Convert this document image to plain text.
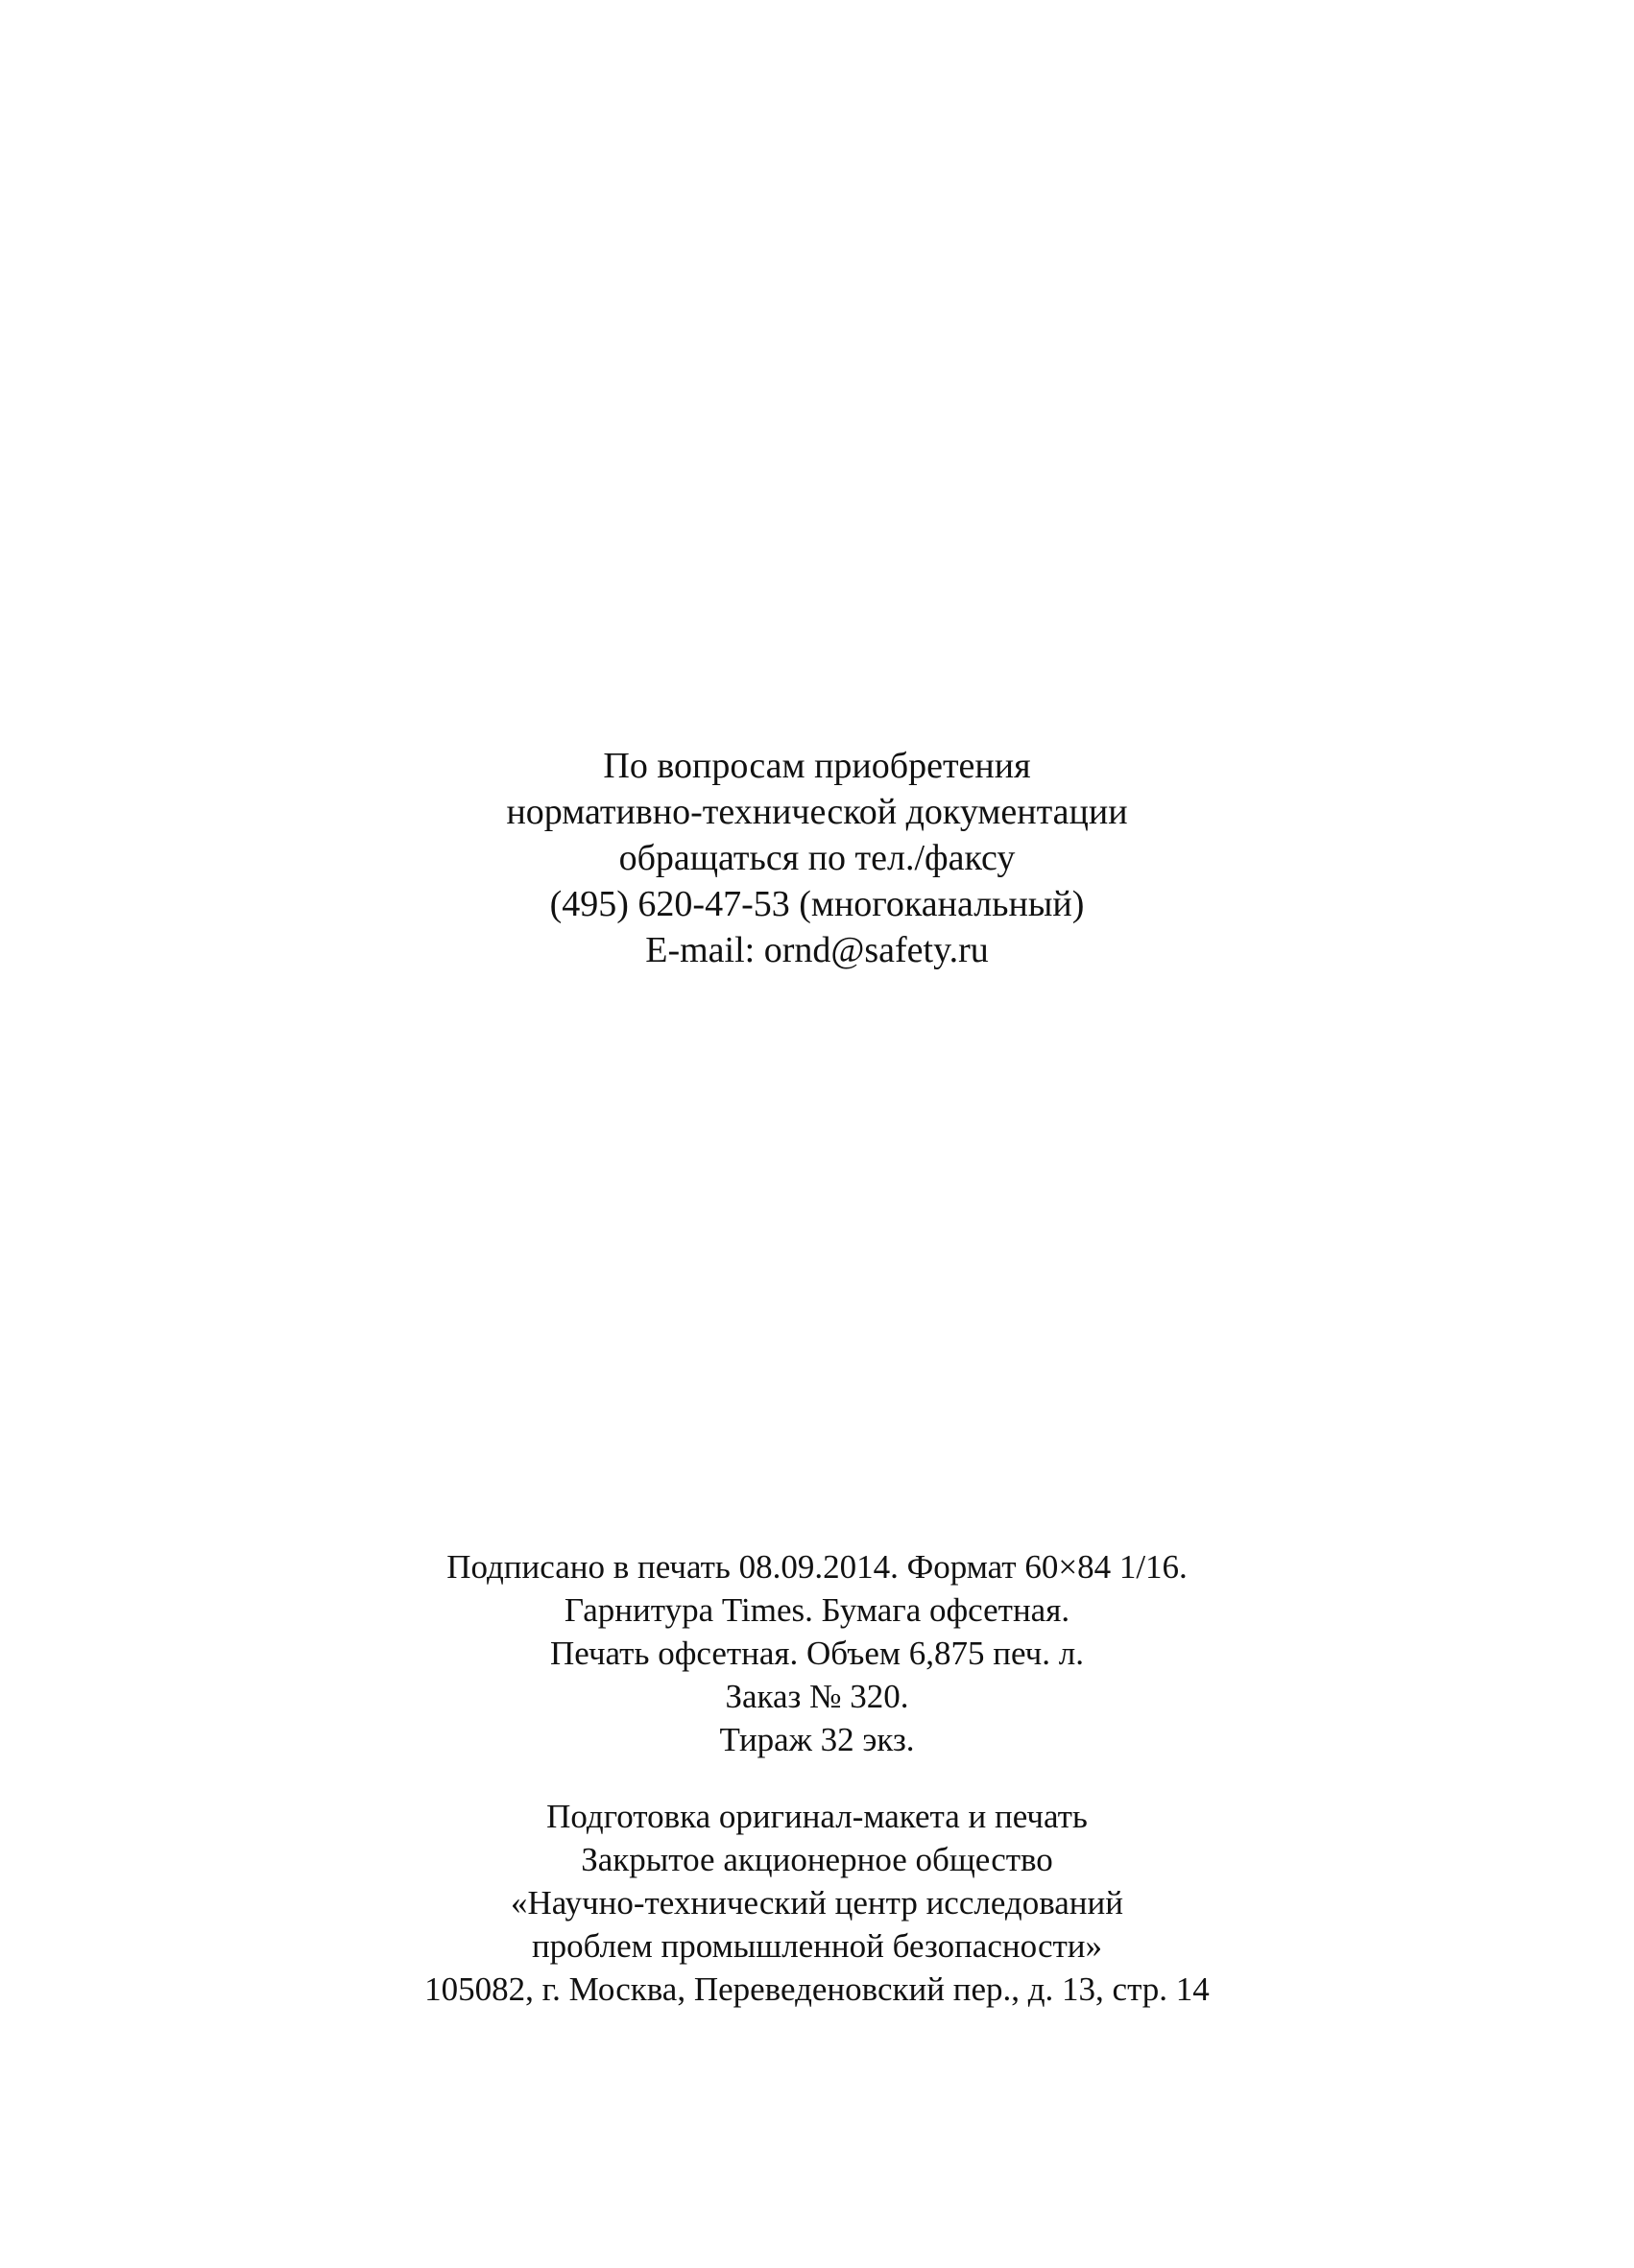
По вопросам приобретения

нормативно-технической документации

обращаться по тел./факсу

(495) 620-47-53 (многоканальный)

E-mail: ornd@safety.ru

Подписано в печать 08.09.2014. Формат 60×84 1/16.

Гарнитура Times. Бумага офсетная.

Печать офсетная. Объем 6,875 печ. л.

Заказ № 320.

Тираж 32 экз.

Подготовка оригинал-макета и печать

Закрытое акционерное общество

«Научно-технический центр исследований

проблем промышленной безопасности»

105082, г. Москва, Переведеновский пер., д. 13, стр. 14
